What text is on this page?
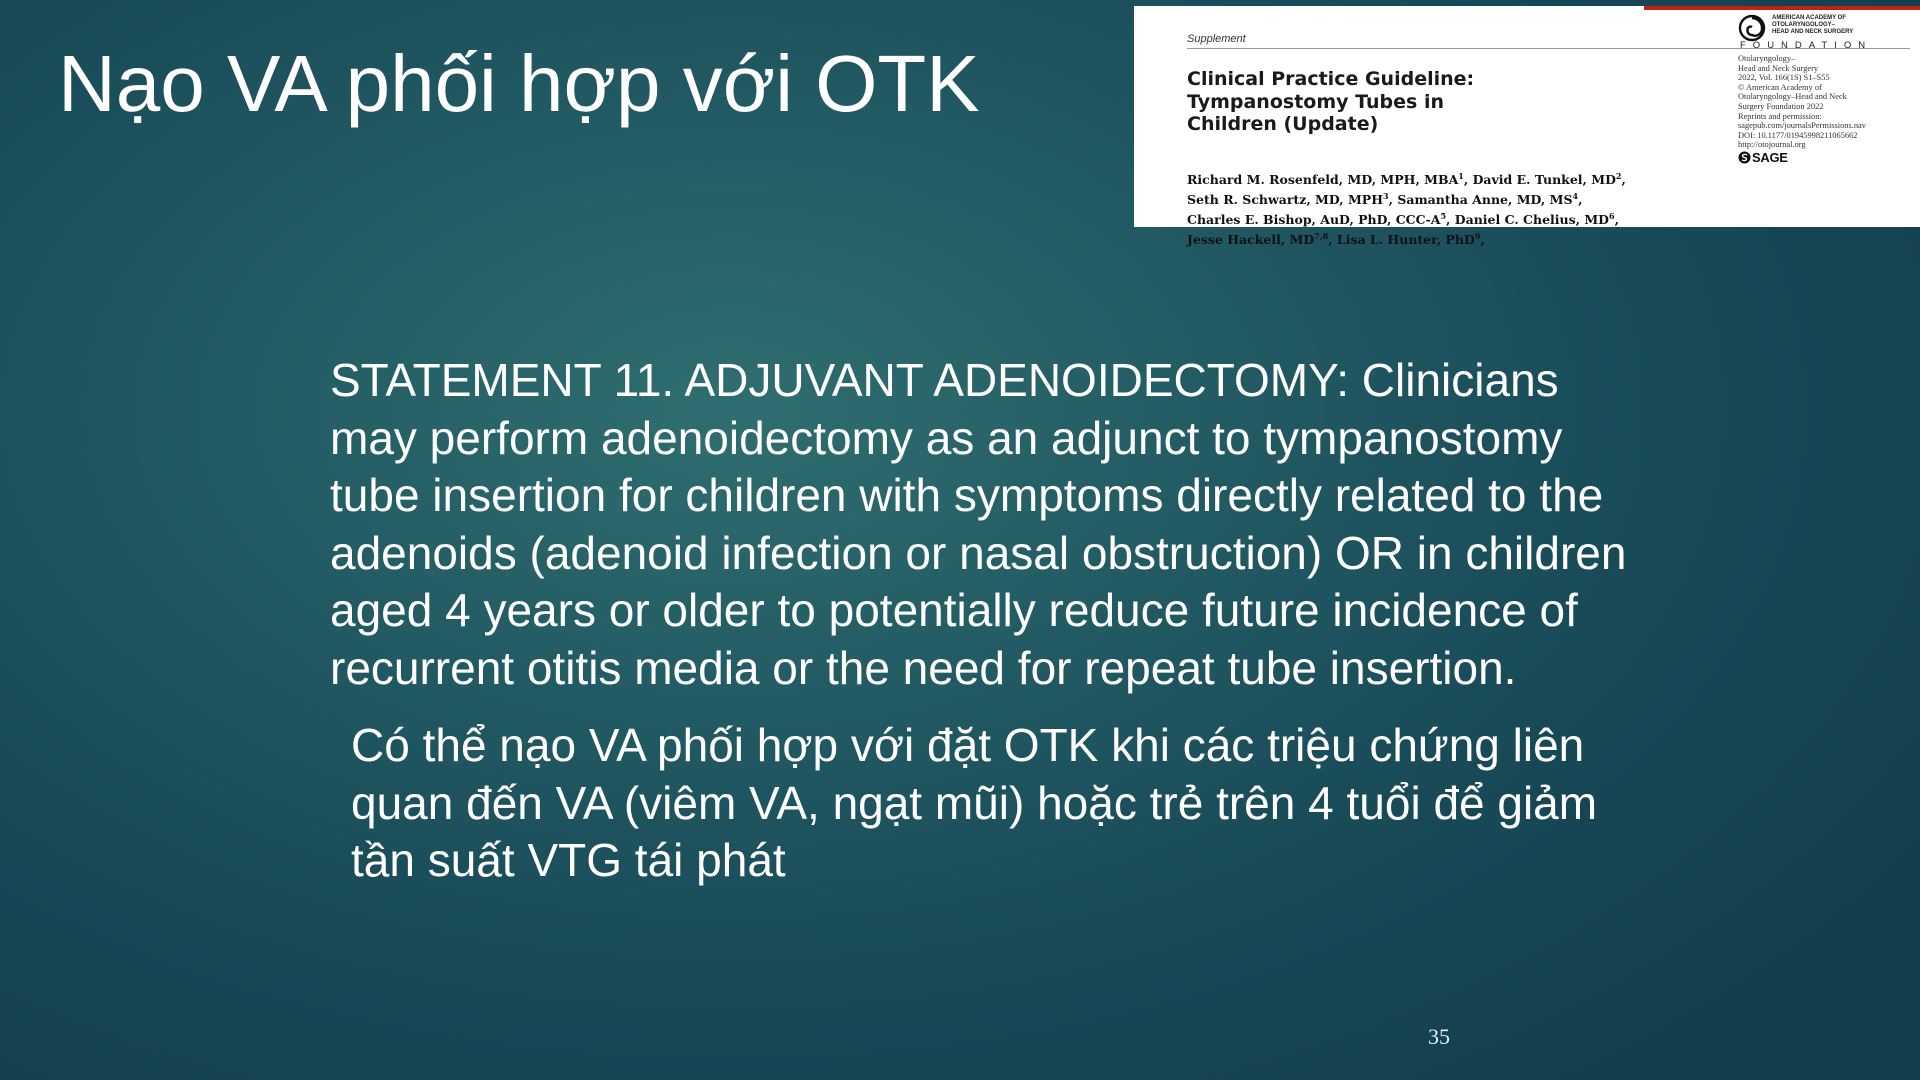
Nạo VA phối hợp với OTK	Supplement
Clinical Practice Guideline:
Tympanostomy Tubes in
Children (Update)
Richard M. Rosenfeld, MD, MPH, MBA$^1$, David E. Tunkel, $MD^2$,
Seth R. Schwartz, MD, MPH$^3$, Samantha Anne, MD, $MS^4$,
Charles E. Bishop, AuD, PhD, CCC-$A^5$, Daniel C. Chelius, $MD^6$,
Jesse Hackell, MD$^{7,8}$, Lisa L. Hunter, PhD$^9$,
AMERICAN ACADEMY OF
OTOLARYNGOLOGY–
HEAD AND NECK SURGERY
FOUNDATION
Otolaryngology–
Head and Neck Surgery
2022, Vol. 166(1S) S1–S55
© American Academy of
Otolaryngology–Head and Neck
Surgery Foundation 2022
Reprints and permission:
sagepub.com/journalsPermissions.nav
DOI: 10.1177/01945998211065662
http://otojournal.org
SAGE
STATEMENT 11. ADJUVANT ADENOIDECTOMY: Clinicians
may perform adenoidectomy as an adjunct to tympanostomy
tube insertion for children with symptoms directly related to the
adenoids (adenoid infection or nasal obstruction) OR in children
aged 4 years or older to potentially reduce future incidence of
recurrent otitis media or the need for repeat tube insertion.
Có thể nạo VA phối hợp với đặt OTK khi các triệu chứng liên
quan đến VA (viêm VA, ngạt mũi) hoặc trẻ trên 4 tuổi để giảm
tần suất VTG tái phát
35
